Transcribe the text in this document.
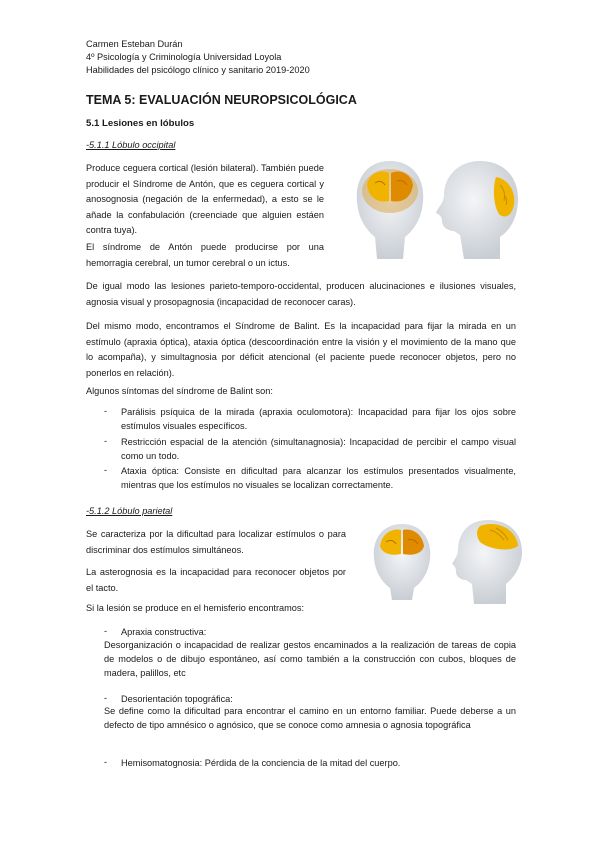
Carmen Esteban Durán
4º Psicología y Criminología Universidad Loyola
Habilidades del psicólogo clínico y sanitario 2019-2020
TEMA 5: EVALUACIÓN NEUROPSICOLÓGICA
5.1 Lesiones en lóbulos
-5.1.1 Lóbulo occipital
Produce ceguera cortical (lesión bilateral). También puede producir el Síndrome de Antón, que es ceguera cortical y anosognosia (negación de la enfermedad), a esto se le añade la confabulación (creenciade que alguien estáen contra tuya).
El síndrome de Antón puede producirse por una hemorragia cerebral, un tumor cerebral o un ictus.
De igual modo las lesiones parieto-temporo-occidental, producen alucinaciones e ilusiones visuales, agnosia visual y prosopagnosia (incapacidad de reconocer caras).
Del mismo modo, encontramos el Síndrome de Balint. Es la incapacidad para fijar la mirada en un estímulo (apraxia óptica), ataxia óptica (descoordinación entre la visión y el movimiento de la mano que lo acompaña), y simultagnosia por déficit atencional (el paciente puede reconocer objetos, pero no ponerlos en relación).
Algunos síntomas del síndrome de Balint son:
- Parálisis psíquica de la mirada (apraxia oculomotora): Incapacidad para fijar los ojos sobre estímulos visuales específicos.
- Restricción espacial de la atención (simultanagnosia): Incapacidad de percibir el campo visual como un todo.
- Ataxia óptica: Consiste en dificultad para alcanzar los estímulos presentados visualmente, mientras que los estímulos no visuales se localizan correctamente.
-5.1.2 Lóbulo parietal
Se caracteriza por la dificultad para localizar estímulos o para discriminar dos estímulos simultáneos.
La asterognosia es la incapacidad para reconocer objetos por el tacto.
Si la lesión se produce en el hemisferio encontramos:
- Apraxia constructiva:
Desorganización o incapacidad de realizar gestos encaminados a la realización de tareas de copia de modelos o de dibujo espontáneo, así como también a la construcción con cubos, bloques de madera, palillos, etc
- Desorientación topográfica:
Se define como la dificultad para encontrar el camino en un entorno familiar. Puede deberse a un defecto de tipo amnésico o agnósico, que se conoce como amnesia o agnosia topográfica
- Hemisomatognosia: Pérdida de la conciencia de la mitad del cuerpo.
